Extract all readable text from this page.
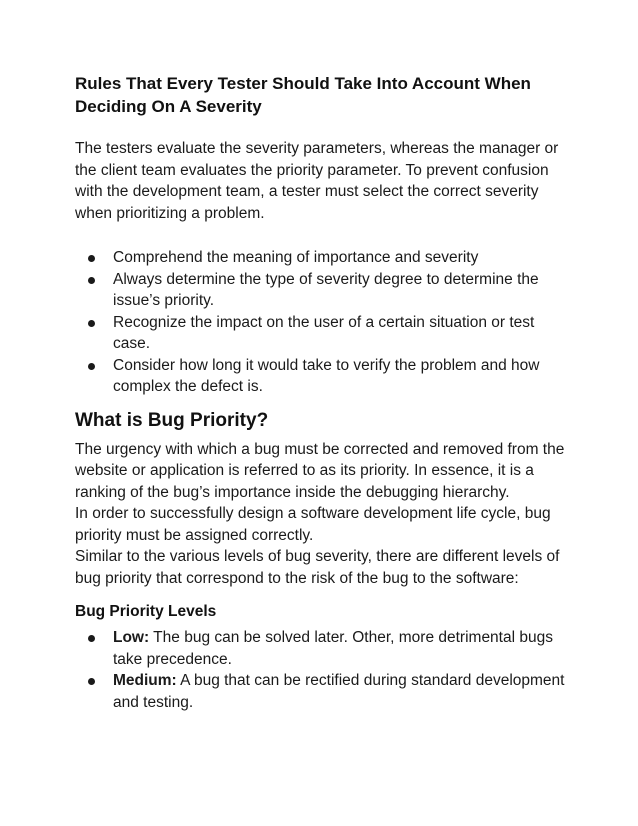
Rules That Every Tester Should Take Into Account When Deciding On A Severity

The testers evaluate the severity parameters, whereas the manager or the client team evaluates the priority parameter. To prevent confusion with the development team, a tester must select the correct severity when prioritizing a problem.

Comprehend the meaning of importance and severity
Always determine the type of severity degree to determine the issue’s priority.
Recognize the impact on the user of a certain situation or test case.
Consider how long it would take to verify the problem and how complex the defect is.
What is Bug Priority?

The urgency with which a bug must be corrected and removed from the website or application is referred to as its priority. In essence, it is a ranking of the bug’s importance inside the debugging hierarchy.

In order to successfully design a software development life cycle, bug priority must be assigned correctly.

Similar to the various levels of bug severity, there are different levels of bug priority that correspond to the risk of the bug to the software:

Bug Priority Levels
Low: The bug can be solved later. Other, more detrimental bugs take precedence.
Medium: A bug that can be rectified during standard development and testing.
